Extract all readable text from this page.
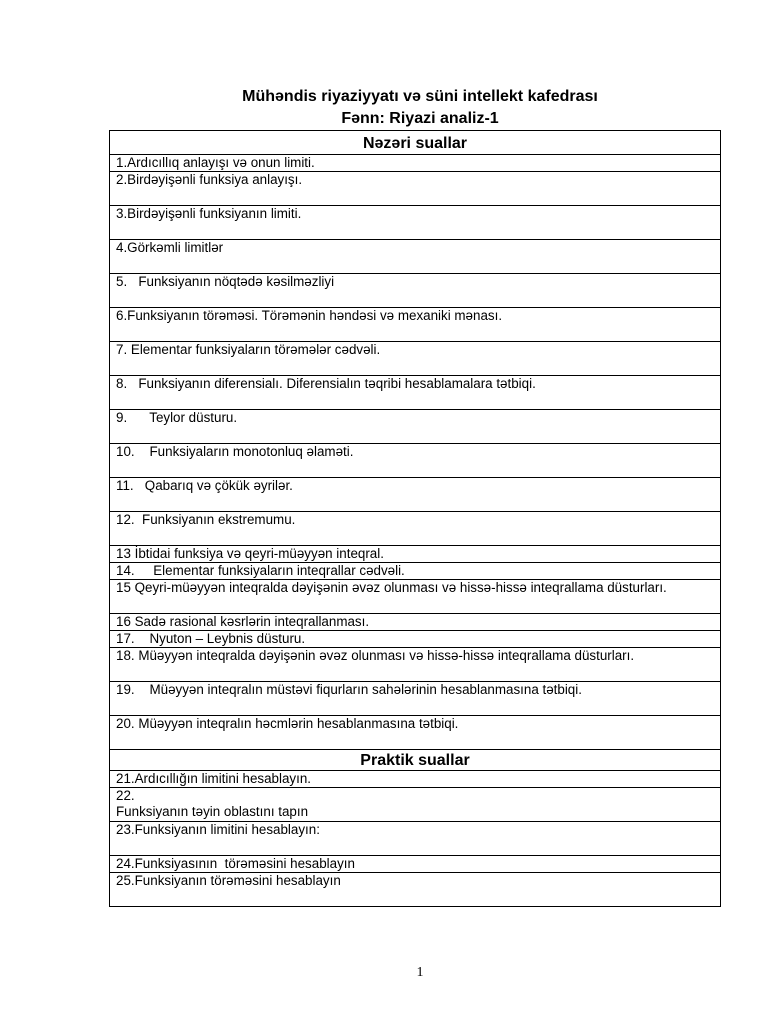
Mühəndis riyaziyyatı və süni intellekt kafedrası
Fənn: Riyazi analiz-1
Nəzəri suallar
1.Ardıcıllıq anlayışı və onun limiti.
2.Birdəyişənli funksiya anlayışı.
3.Birdəyişənli funksiyanın limiti.
4.Görkəmli limitlər
5.   Funksiyanın nöqtədə kəsilməzliyi
6.Funksiyanın törəməsi. Törəmənin həndəsi və mexaniki mənası.
7. Elementar funksiyaların törəmələr cədvəli.
8.   Funksiyanın diferensialı. Diferensialın təqribi hesablamalara tətbiqi.
9.      Teylor düsturu.
10.    Funksiyaların monotonluq əlaməti.
11.   Qabarıq və çökük əyrilər.
12.  Funksiyanın ekstremumu.
13 İbtidai funksiya və qeyri-müəyyən inteqral.
14.     Elementar funksiyaların inteqrallar cədvəli.
15 Qeyri-müəyyən inteqralda dəyişənin əvəz olunması və hissə-hissə inteqrallama düsturları.
16 Sadə rasional kəsrlərin inteqrallanması.
17.    Nyuton – Leybnis düsturu.
18. Müəyyən inteqralda dəyişənin əvəz olunması və hissə-hissə inteqrallama düsturları.
19.    Müəyyən inteqralın müstəvi fiqurların sahələrinin hesablanmasına tətbiqi.
20. Müəyyən inteqralın həcmlərin hesablanmasına tətbiqi.
Praktik suallar

21.Ardıcıllığın limitini hesablayın.

22.
Funksiyanın təyin oblastını tapın

23.Funksiyanın limitini hesablayın:

24.Funksiyasının  törəməsini hesablayın

25.Funksiyanın törəməsini hesablayın
1
